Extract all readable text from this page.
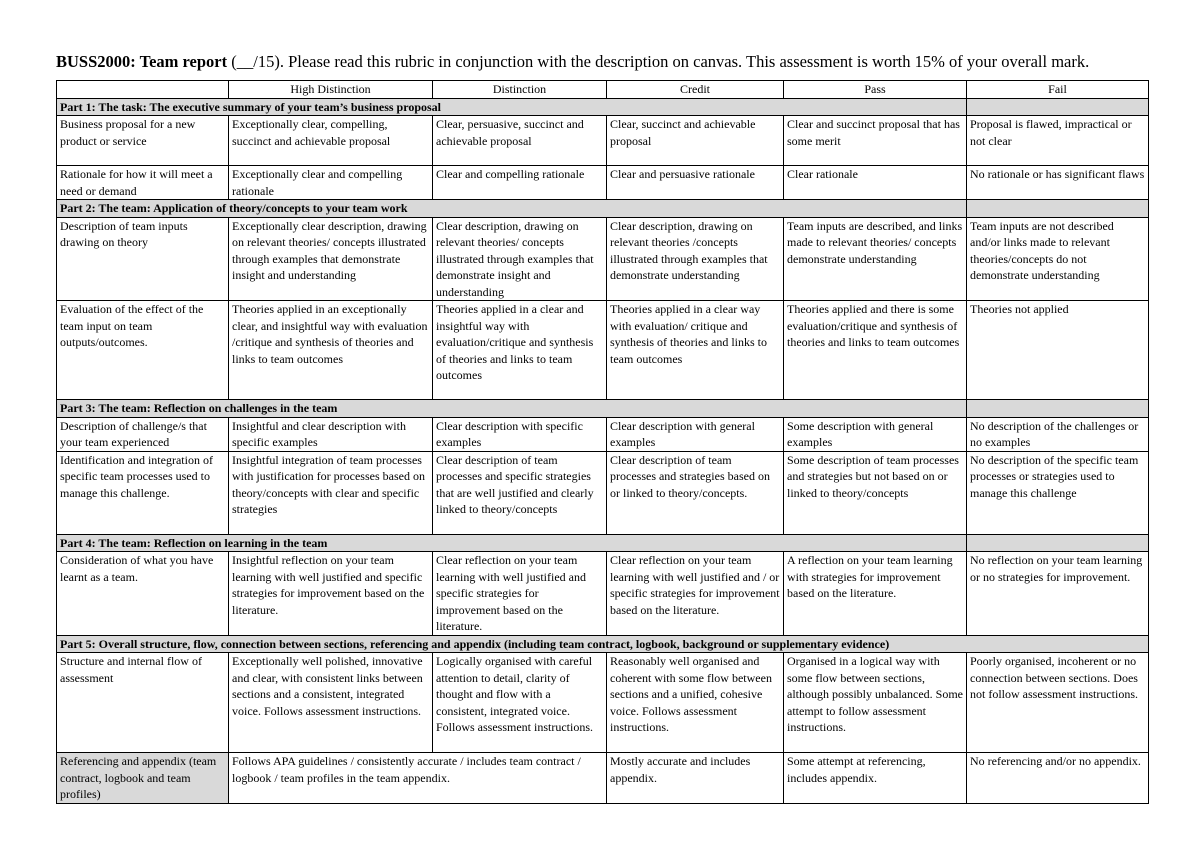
BUSS2000: Team report (__/15). Please read this rubric in conjunction with the description on canvas. This assessment is worth 15% of your overall mark.
	High Distinction	Distinction	Credit	Pass	Fail
Part 1: The task: The executive summary of your team’s business proposal					
Business proposal for a new product or service	Exceptionally clear, compelling, succinct and achievable proposal	Clear, persuasive, succinct and achievable proposal	Clear, succinct and achievable proposal	Clear and succinct proposal that has some merit	Proposal is flawed, impractical or not clear
Rationale for how it will meet a need or demand	Exceptionally clear and compelling rationale	Clear and compelling rationale	Clear and persuasive rationale	Clear rationale	No rationale or has significant flaws
Part 2: The team: Application of theory/concepts to your team work					
Description of team inputs drawing on theory	Exceptionally clear description, drawing on relevant theories/ concepts illustrated through examples that demonstrate insight and understanding	Clear description, drawing on relevant theories/ concepts illustrated through examples that demonstrate insight and understanding	Clear description, drawing on relevant theories /concepts illustrated through examples that demonstrate understanding	Team inputs are described, and links made to relevant theories/ concepts demonstrate understanding	Team inputs are not described and/or links made to relevant theories/concepts do not demonstrate understanding
Evaluation of the effect of the team input on team outputs/outcomes.	Theories applied in an exceptionally clear, and insightful way with evaluation /critique and synthesis of theories and links to team outcomes	Theories applied in a clear and insightful way with evaluation/critique and synthesis of theories and links to team outcomes	Theories applied in a clear way with evaluation/ critique and synthesis of theories and links to team outcomes	Theories applied and there is some evaluation/critique and synthesis of theories and links to team outcomes	Theories not applied
Part 3: The team: Reflection on challenges in the team					
Description of challenge/s that your team experienced	Insightful and clear description with specific examples	Clear description with specific examples	Clear description with general examples	Some description with general examples	No description of the challenges or no examples
Identification and integration of specific team processes used to manage this challenge.	Insightful integration of team processes with justification for processes based on theory/concepts with clear and specific strategies	Clear description of team processes and specific strategies that are well justified and clearly linked to theory/concepts	Clear description of team processes and strategies based on or linked to theory/concepts.	Some description of team processes and strategies but not based on or linked to theory/concepts	No description of the specific team processes or strategies used to manage this challenge
Part 4: The team: Reflection on learning in the team					
Consideration of what you have learnt as a team.	Insightful reflection on your team learning with well justified and specific strategies for improvement based on the literature.	Clear reflection on your team learning with well justified and specific strategies for improvement based on the literature.	Clear reflection on your team learning with well justified and / or specific strategies for improvement based on the literature.	A reflection on your team learning with strategies for improvement based on the literature.	No reflection on your team learning or no strategies for improvement.
Part 5: Overall structure, flow, connection between sections, referencing and appendix (including team contract, logbook, background or supplementary evidence)					
Structure and internal flow of assessment	Exceptionally well polished, innovative and clear, with consistent links between sections and a consistent, integrated voice. Follows assessment instructions.	Logically organised with careful attention to detail, clarity of thought and flow with a consistent, integrated voice. Follows assessment instructions.	Reasonably well organised and coherent with some flow between sections and a unified, cohesive voice. Follows assessment instructions.	Organised in a logical way with some flow between sections, although possibly unbalanced. Some attempt to follow assessment instructions.	Poorly organised, incoherent or no connection between sections. Does not follow assessment instructions.
Referencing and appendix (team contract, logbook and team profiles)	Follows APA guidelines / consistently accurate / includes team contract / logbook / team profiles in the team appendix.		Mostly accurate and includes appendix.	Some attempt at referencing, includes appendix.	No referencing and/or no appendix.
